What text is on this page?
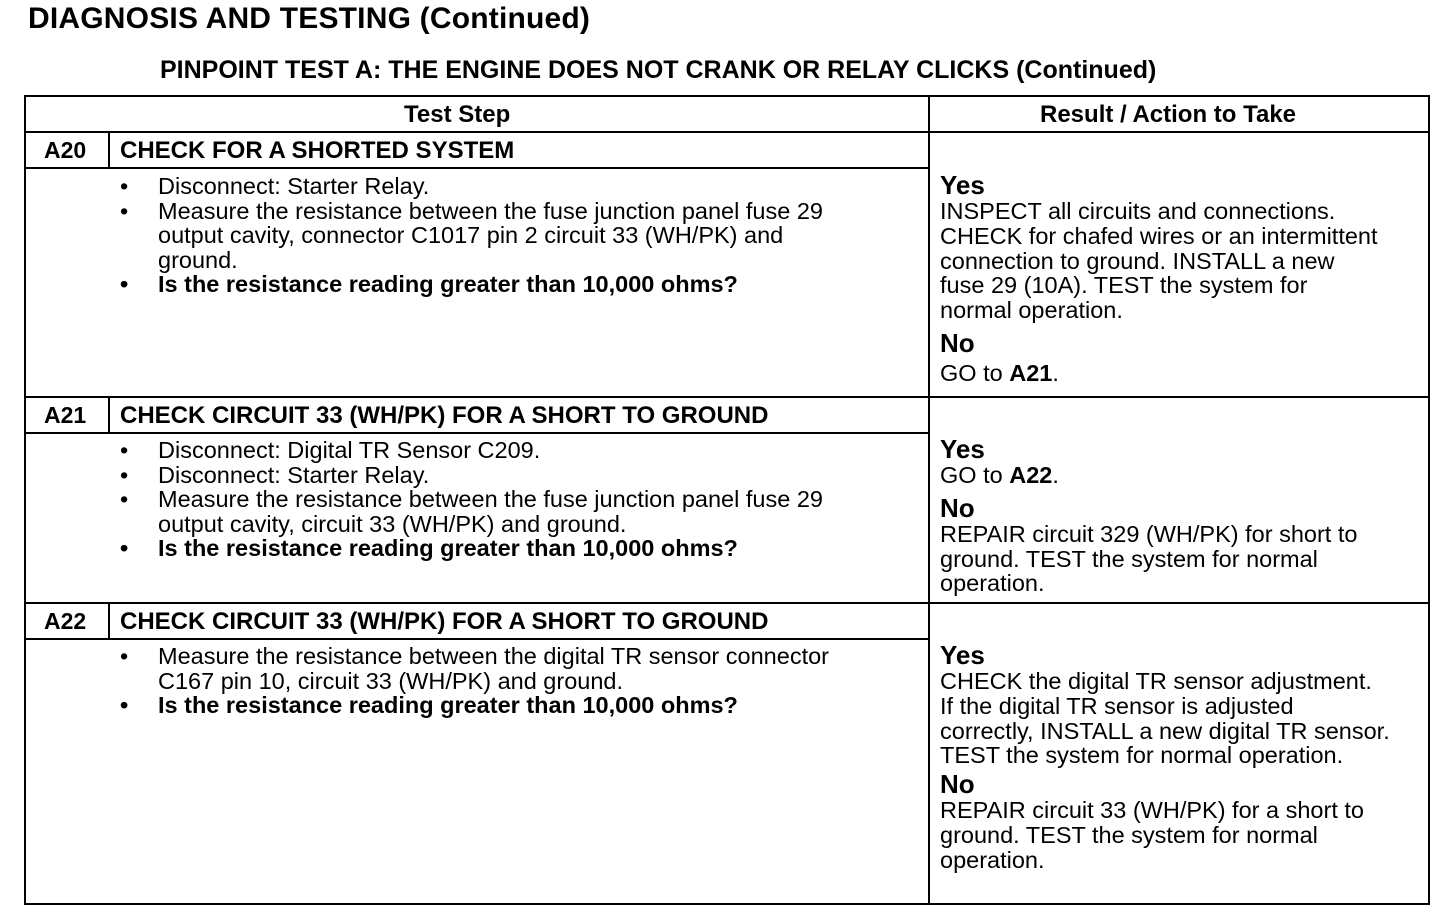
DIAGNOSIS AND TESTING (Continued)
PINPOINT TEST A: THE ENGINE DOES NOT CRANK OR RELAY CLICKS (Continued)
Test Step	Result / Action to Take
A20 CHECK FOR A SHORTED SYSTEM
• Disconnect: Starter Relay.
• Measure the resistance between the fuse junction panel fuse 29
output cavity, connector C1017 pin 2 circuit 33 (WH/PK) and
ground.
• Is the resistance reading greater than 10,000 ohms?
Yes
INSPECT all circuits and connections.
CHECK for chafed wires or an intermittent
connection to ground. INSTALL a new
fuse 29 (10A). TEST the system for
normal operation.
No
GO to A21.
A21 CHECK CIRCUIT 33 (WH/PK) FOR A SHORT TO GROUND
• Disconnect: Digital TR Sensor C209.
• Disconnect: Starter Relay.
• Measure the resistance between the fuse junction panel fuse 29
output cavity, circuit 33 (WH/PK) and ground.
• Is the resistance reading greater than 10,000 ohms?
Yes
GO to A22.
No
REPAIR circuit 329 (WH/PK) for short to
ground. TEST the system for normal
operation.
A22 CHECK CIRCUIT 33 (WH/PK) FOR A SHORT TO GROUND
• Measure the resistance between the digital TR sensor connector
C167 pin 10, circuit 33 (WH/PK) and ground.
• Is the resistance reading greater than 10,000 ohms?
Yes
CHECK the digital TR sensor adjustment.
If the digital TR sensor is adjusted
correctly, INSTALL a new digital TR sensor.
TEST the system for normal operation.
No
REPAIR circuit 33 (WH/PK) for a short to
ground. TEST the system for normal
operation.
